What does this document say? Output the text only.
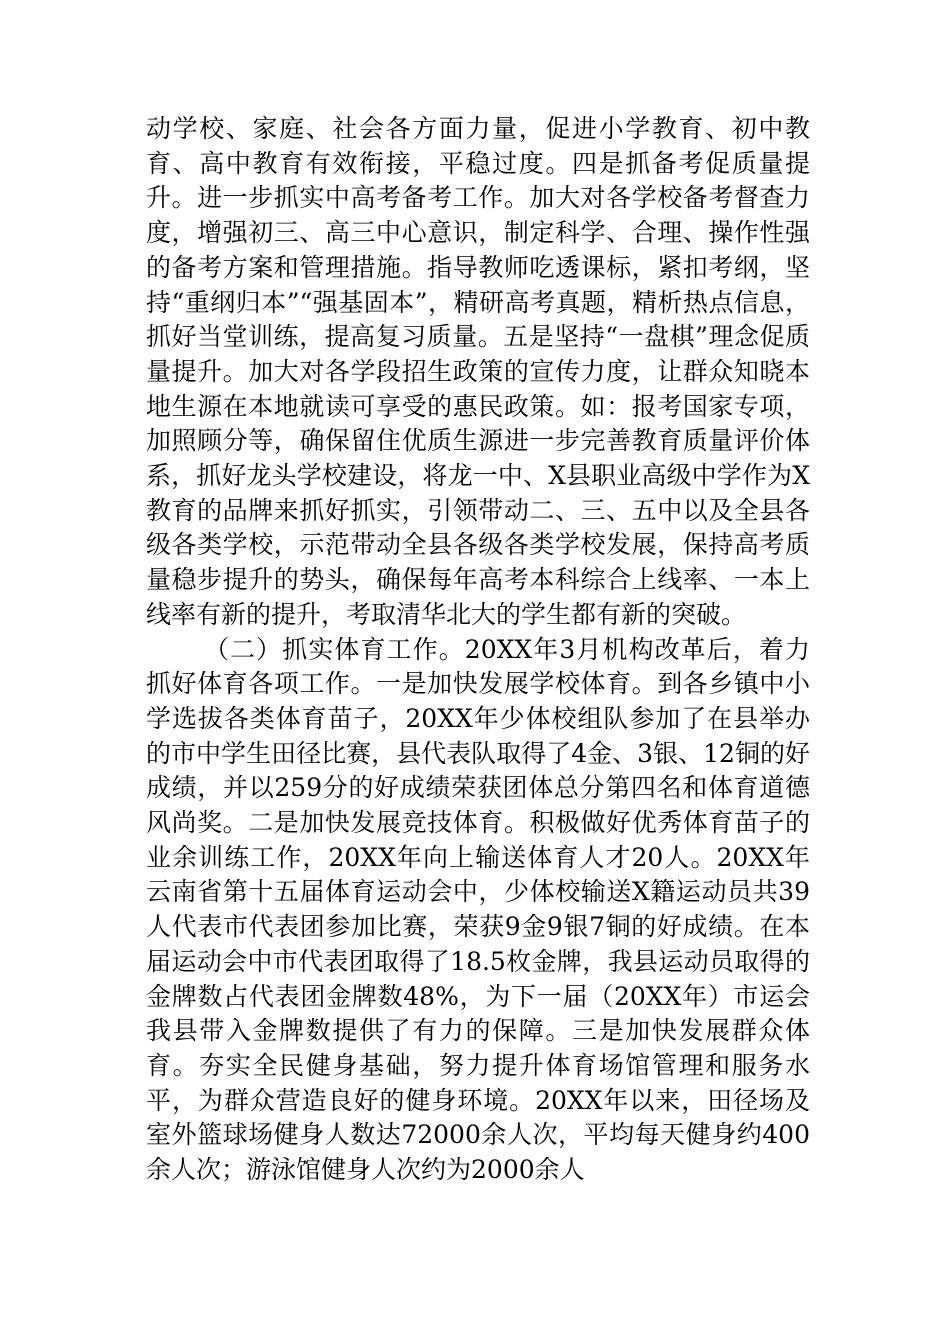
动学校、家庭、社会各方面力量，促进小学教育、初中教育、高中教育有效衔接，平稳过度。四是抓备考促质量提升。进一步抓实中高考备考工作。加大对各学校备考督查力度，增强初三、高三中心意识，制定科学、合理、操作性强的备考方案和管理措施。指导教师吃透课标，紧扣考纲，坚持“重纲归本”“强基固本”，精研高考真题，精析热点信息，抓好当堂训练，提高复习质量。五是坚持“一盘棋”理念促质量提升。加大对各学段招生政策的宣传力度，让群众知晓本地生源在本地就读可享受的惠民政策。如：报考国家专项，加照顾分等，确保留住优质生源进一步完善教育质量评价体系，抓好龙头学校建设，将龙一中、X县职业高级中学作为X教育的品牌来抓好抓实，引领带动二、三、五中以及全县各级各类学校，示范带动全县各级各类学校发展，保持高考质量稳步提升的势头，确保每年高考本科综合上线率、一本上线率有新的提升，考取清华北大的学生都有新的突破。

（二）抓实体育工作。20XX年3月机构改革后，着力抓好体育各项工作。一是加快发展学校体育。到各乡镇中小学选拔各类体育苗子，20XX年少体校组队参加了在县举办的市中学生田径比赛，县代表队取得了4金、3银、12铜的好成绩，并以259分的好成绩荣获团体总分第四名和体育道德风尚奖。二是加快发展竞技体育。积极做好优秀体育苗子的业余训练工作，20XX年向上输送体育人才20人。20XX年云南省第十五届体育运动会中，少体校输送X籍运动员共39人代表市代表团参加比赛，荣获9金9银7铜的好成绩。在本届运动会中市代表团取得了18.5枚金牌，我县运动员取得的金牌数占代表团金牌数48%，为下一届（20XX年）市运会我县带入金牌数提供了有力的保障。三是加快发展群众体育。夯实全民健身基础，努力提升体育场馆管理和服务水平，为群众营造良好的健身环境。20XX年以来，田径场及室外篮球场健身人数达72000余人次，平均每天健身约400余人次；游泳馆健身人次约为2000余人
